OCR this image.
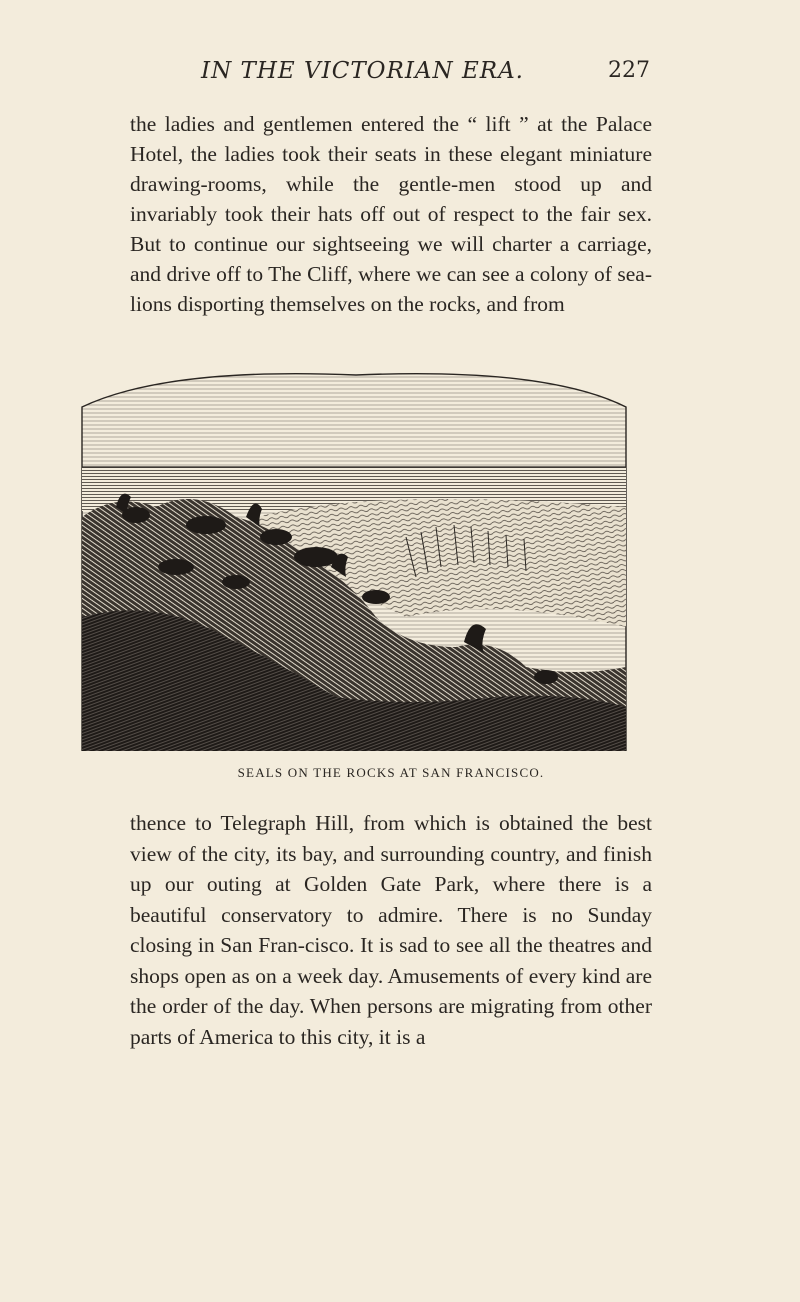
IN THE VICTORIAN ERA.	227

the ladies and gentlemen entered the “ lift ” at the Palace Hotel, the ladies took their seats in these elegant miniature drawing-rooms, while the gentle-men stood up and invariably took their hats off out of respect to the fair sex. But to continue our sightseeing we will charter a carriage, and drive off to The Cliff, where we can see a colony of sea-lions disporting themselves on the rocks, and from

SEALS ON THE ROCKS AT SAN FRANCISCO.

thence to Telegraph Hill, from which is obtained the best view of the city, its bay, and surrounding country, and finish up our outing at Golden Gate Park, where there is a beautiful conservatory to admire. There is no Sunday closing in San Fran-cisco. It is sad to see all the theatres and shops open as on a week day. Amusements of every kind are the order of the day. When persons are migrating from other parts of America to this city, it is a
